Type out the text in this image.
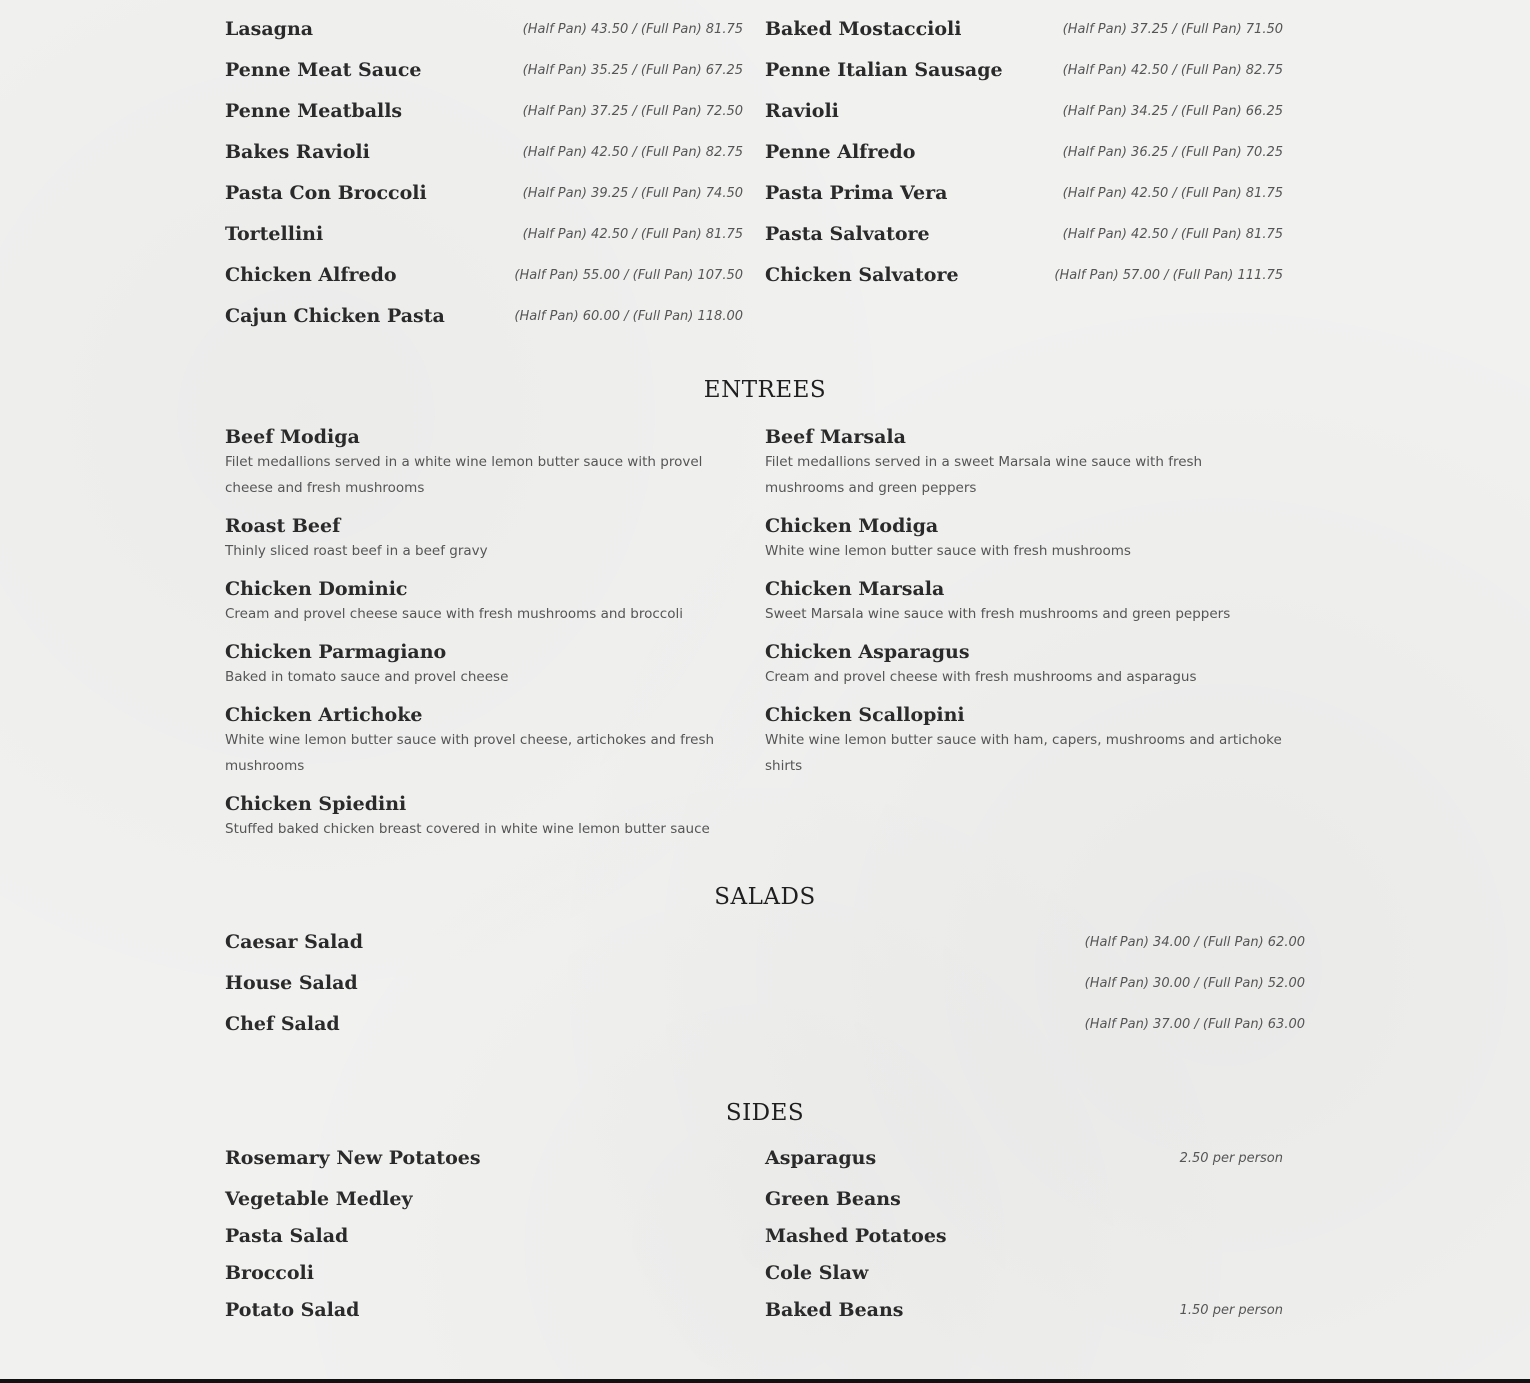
Lasagna	(Half Pan) 43.50 / (Full Pan) 81.75
Penne Meat Sauce	(Half Pan) 35.25 / (Full Pan) 67.25
Penne Meatballs	(Half Pan) 37.25 / (Full Pan) 72.50
Bakes Ravioli	(Half Pan) 42.50 / (Full Pan) 82.75
Pasta Con Broccoli	(Half Pan) 39.25 / (Full Pan) 74.50
Tortellini	(Half Pan) 42.50 / (Full Pan) 81.75
Chicken Alfredo	(Half Pan) 55.00 / (Full Pan) 107.50
Cajun Chicken Pasta	(Half Pan) 60.00 / (Full Pan) 118.00
Baked Mostaccioli	(Half Pan) 37.25 / (Full Pan) 71.50
Penne Italian Sausage	(Half Pan) 42.50 / (Full Pan) 82.75
Ravioli	(Half Pan) 34.25 / (Full Pan) 66.25
Penne Alfredo	(Half Pan) 36.25 / (Full Pan) 70.25
Pasta Prima Vera	(Half Pan) 42.50 / (Full Pan) 81.75
Pasta Salvatore	(Half Pan) 42.50 / (Full Pan) 81.75
Chicken Salvatore	(Half Pan) 57.00 / (Full Pan) 111.75
ENTREES
Beef Modiga
Filet medallions served in a white wine lemon butter sauce with provel cheese and fresh mushrooms
Roast Beef
Thinly sliced roast beef in a beef gravy
Chicken Dominic
Cream and provel cheese sauce with fresh mushrooms and broccoli
Chicken Parmagiano
Baked in tomato sauce and provel cheese
Chicken Artichoke
White wine lemon butter sauce with provel cheese, artichokes and fresh mushrooms
Chicken Spiedini
Stuffed baked chicken breast covered in white wine lemon butter sauce
Beef Marsala
Filet medallions served in a sweet Marsala wine sauce with fresh mushrooms and green peppers
Chicken Modiga
White wine lemon butter sauce with fresh mushrooms
Chicken Marsala
Sweet Marsala wine sauce with fresh mushrooms and green peppers
Chicken Asparagus
Cream and provel cheese with fresh mushrooms and asparagus
Chicken Scallopini
White wine lemon butter sauce with ham, capers, mushrooms and artichoke shirts
SALADS
Caesar Salad	(Half Pan) 34.00 / (Full Pan) 62.00
House Salad	(Half Pan) 30.00 / (Full Pan) 52.00
Chef Salad	(Half Pan) 37.00 / (Full Pan) 63.00
SIDES
Rosemary New Potatoes
Vegetable Medley
Pasta Salad
Broccoli
Potato Salad
Asparagus	2.50 per person
Green Beans
Mashed Potatoes
Cole Slaw
Baked Beans	1.50 per person
